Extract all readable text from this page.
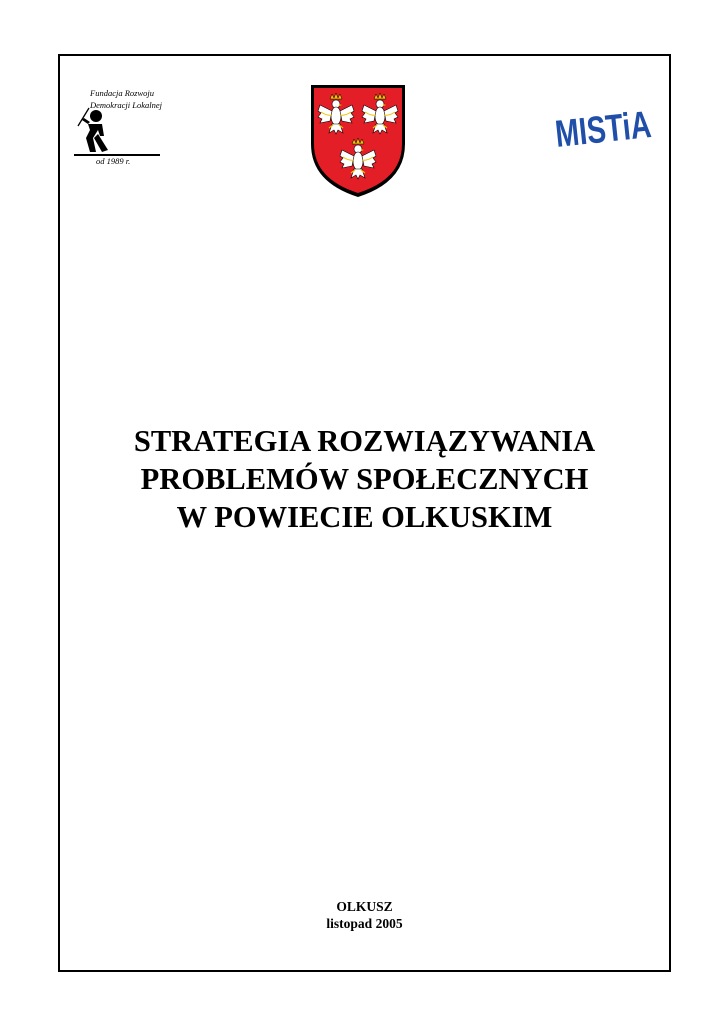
Fundacja Rozwoju
Demokracji Lokalnej
od 1989 r.
MISTiA
STRATEGIA ROZWIĄZYWANIA
PROBLEMÓW SPOŁECZNYCH
W POWIECIE OLKUSKIM
OLKUSZ
listopad 2005
